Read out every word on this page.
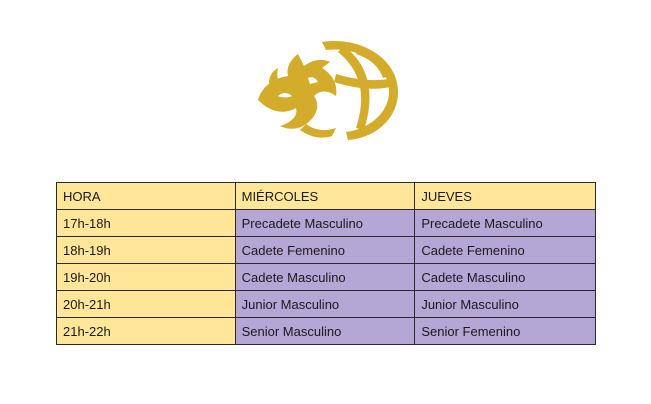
HORA	MIÉRCOLES	JUEVES
17h-18h	Precadete Masculino	Precadete Masculino
18h-19h	Cadete Femenino	Cadete Femenino
19h-20h	Cadete Masculino	Cadete Masculino
20h-21h	Junior Masculino	Junior Masculino
21h-22h	Senior Masculino	Senior Femenino
